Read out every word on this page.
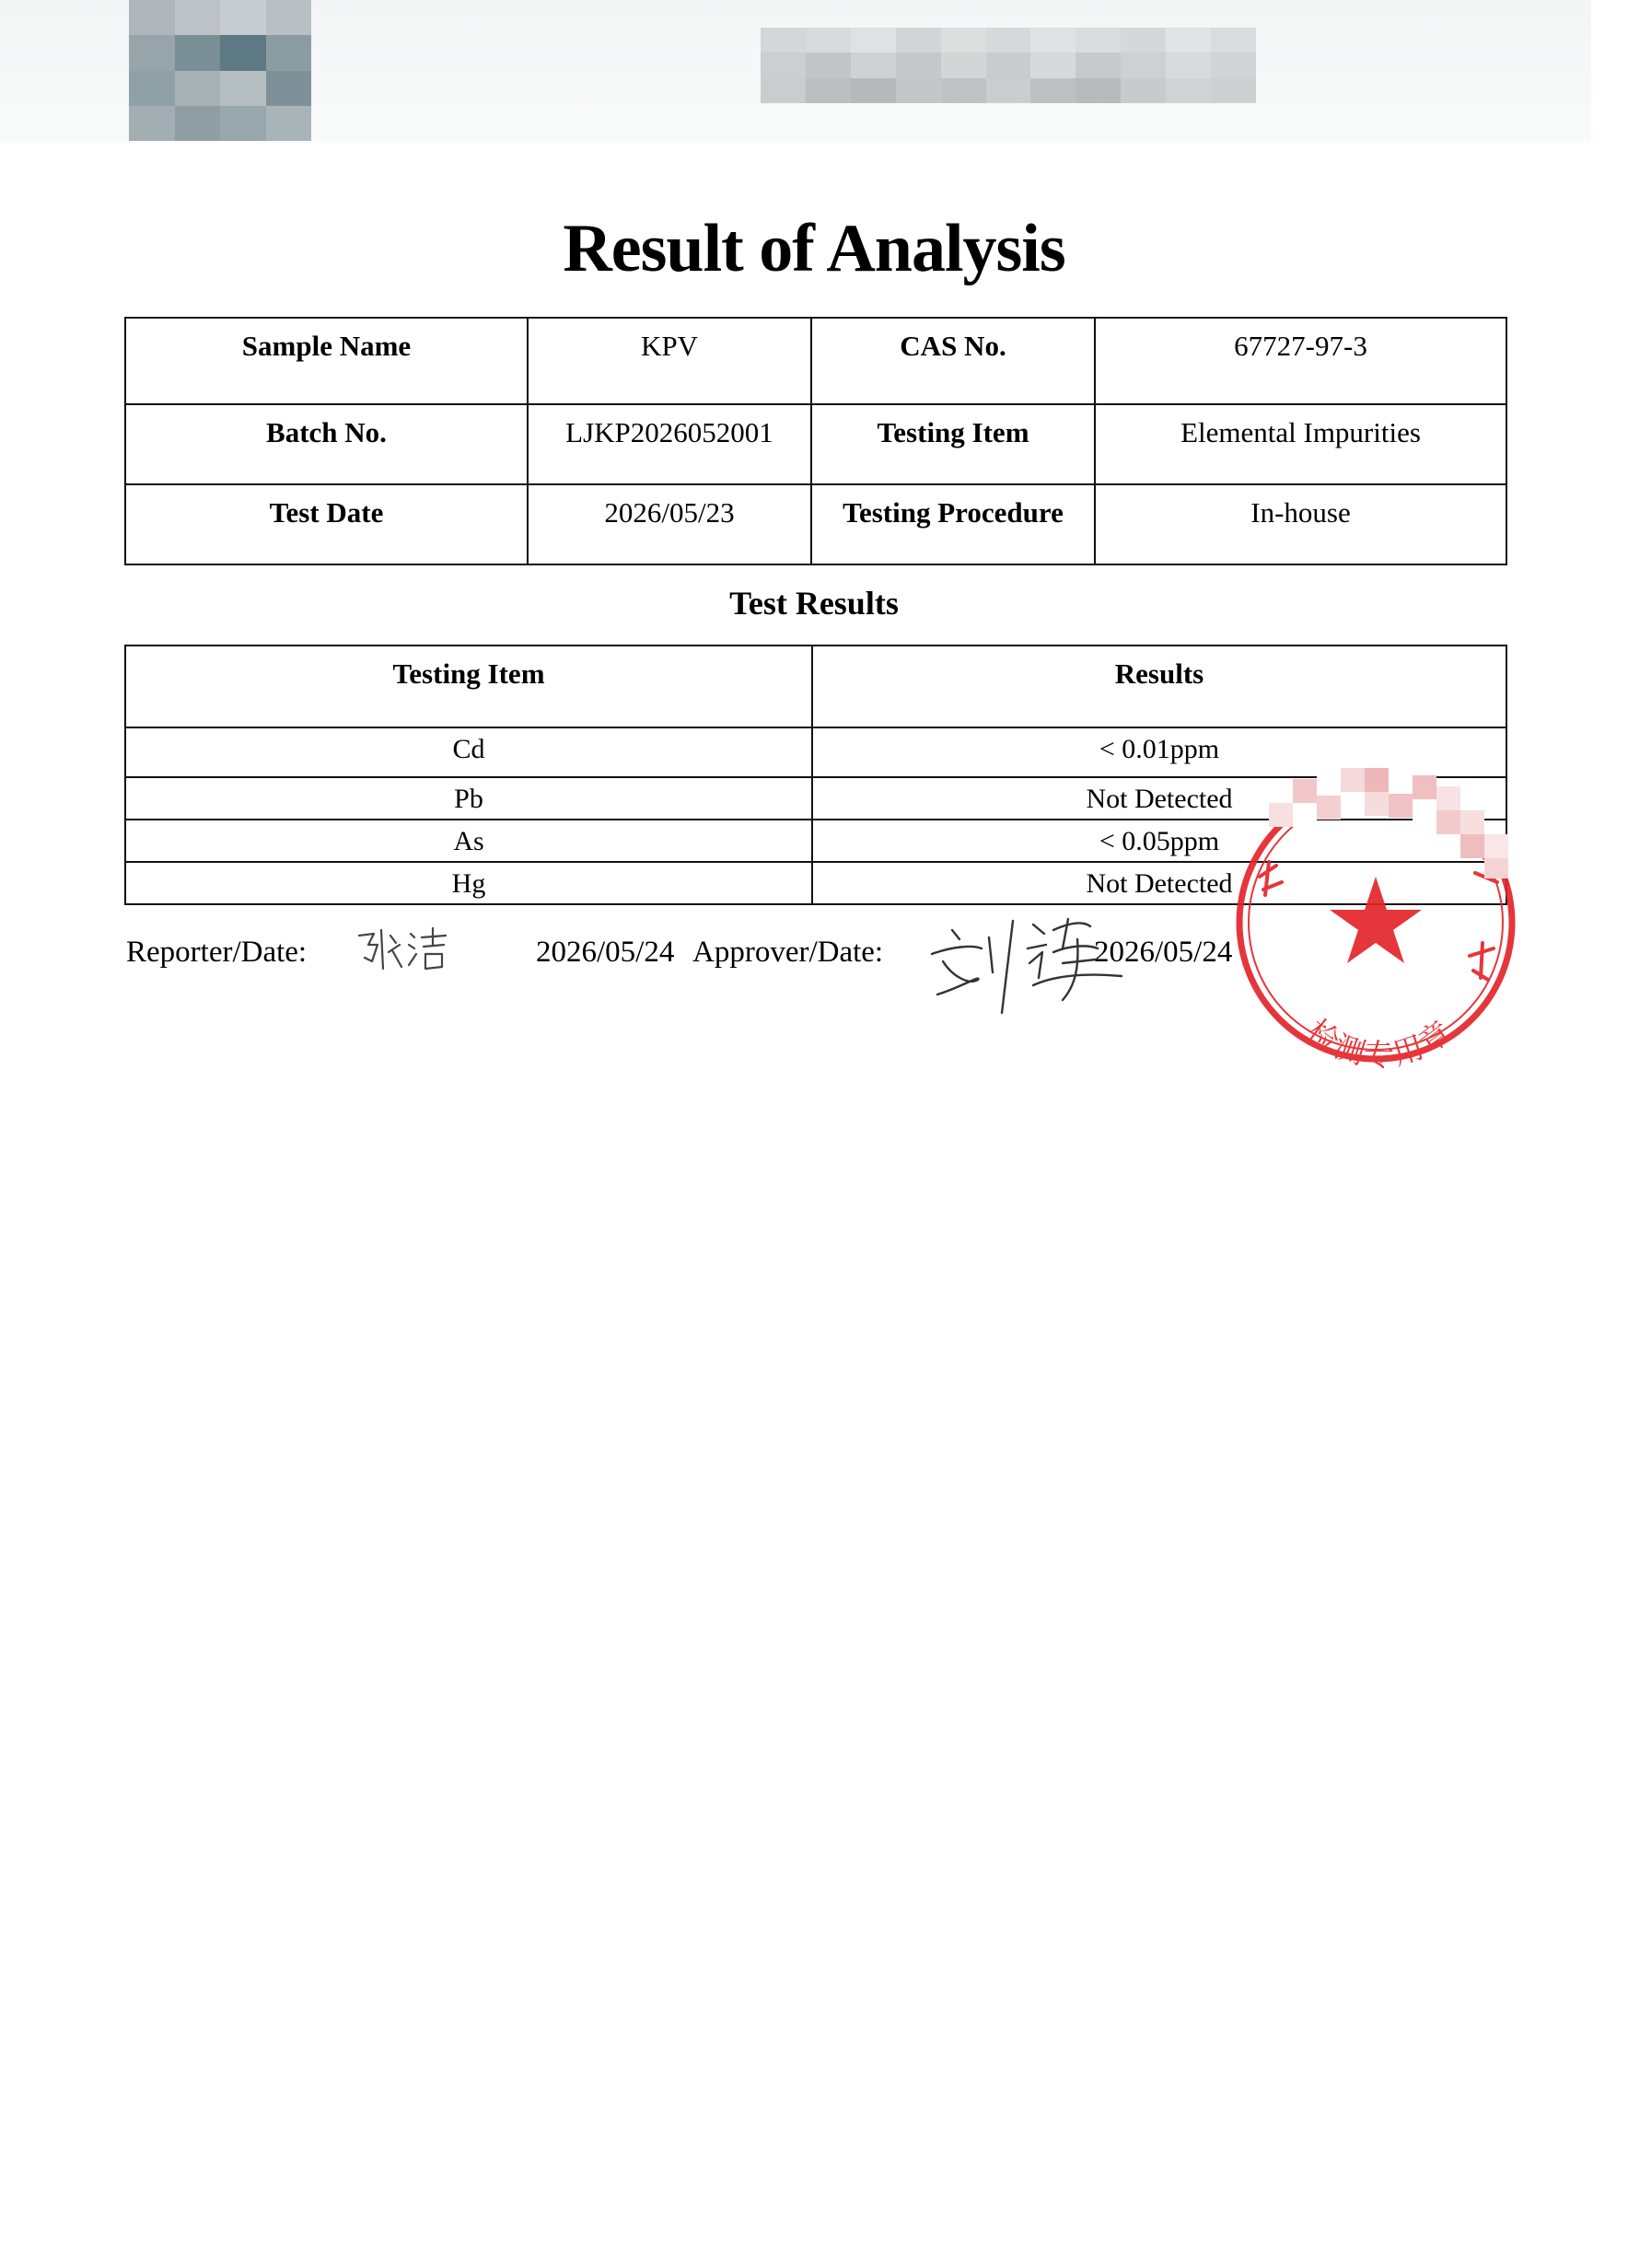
Result of Analysis
Sample Name	KPV	CAS No.	67727-97-3
Batch No.	LJKP2026052001	Testing Item	Elemental Impurities
Test Date	2026/05/23	Testing Procedure	In-house
Test Results
Testing Item	Results
Cd	< 0.01ppm
Pb	Not Detected
As	< 0.05ppm
Hg	Not Detected
Reporter/Date:	2026/05/24 Approver/Date:	2026/05/24
检测专用章
